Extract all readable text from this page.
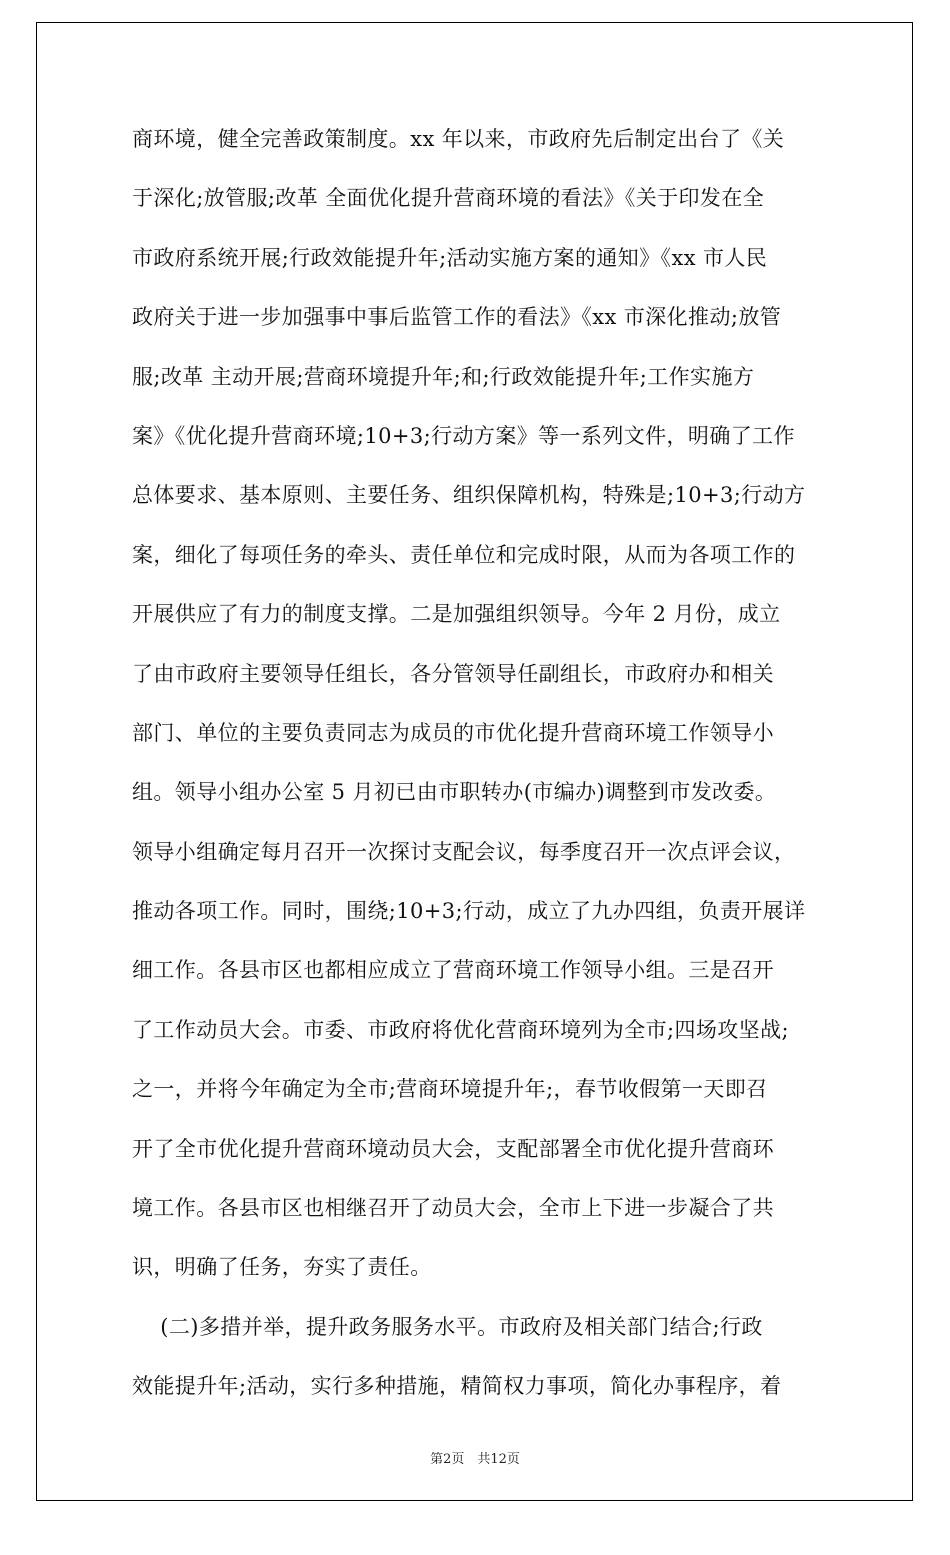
商环境，健全完善政策制度。xx 年以来，市政府先后制定出台了《关
于深化;放管服;改革 全面优化提升营商环境的看法》《关于印发在全
市政府系统开展;行政效能提升年;活动实施方案的通知》《xx 市人民
政府关于进一步加强事中事后监管工作的看法》《xx 市深化推动;放管
服;改革 主动开展;营商环境提升年;和;行政效能提升年;工作实施方
案》《优化提升营商环境;10+3;行动方案》等一系列文件，明确了工作
总体要求、基本原则、主要任务、组织保障机构，特殊是;10+3;行动方
案，细化了每项任务的牵头、责任单位和完成时限，从而为各项工作的
开展供应了有力的制度支撑。二是加强组织领导。今年 2 月份，成立
了由市政府主要领导任组长，各分管领导任副组长，市政府办和相关
部门、单位的主要负责同志为成员的市优化提升营商环境工作领导小
组。领导小组办公室 5 月初已由市职转办(市编办)调整到市发改委。
领导小组确定每月召开一次探讨支配会议，每季度召开一次点评会议，
推动各项工作。同时，围绕;10+3;行动，成立了九办四组，负责开展详
细工作。各县市区也都相应成立了营商环境工作领导小组。三是召开
了工作动员大会。市委、市政府将优化营商环境列为全市;四场攻坚战;
之一，并将今年确定为全市;营商环境提升年;，春节收假第一天即召
开了全市优化提升营商环境动员大会，支配部署全市优化提升营商环
境工作。各县市区也相继召开了动员大会，全市上下进一步凝合了共
识，明确了任务，夯实了责任。
(二)多措并举，提升政务服务水平。市政府及相关部门结合;行政
效能提升年;活动，实行多种措施，精简权力事项，简化办事程序，着
第2页　共12页
